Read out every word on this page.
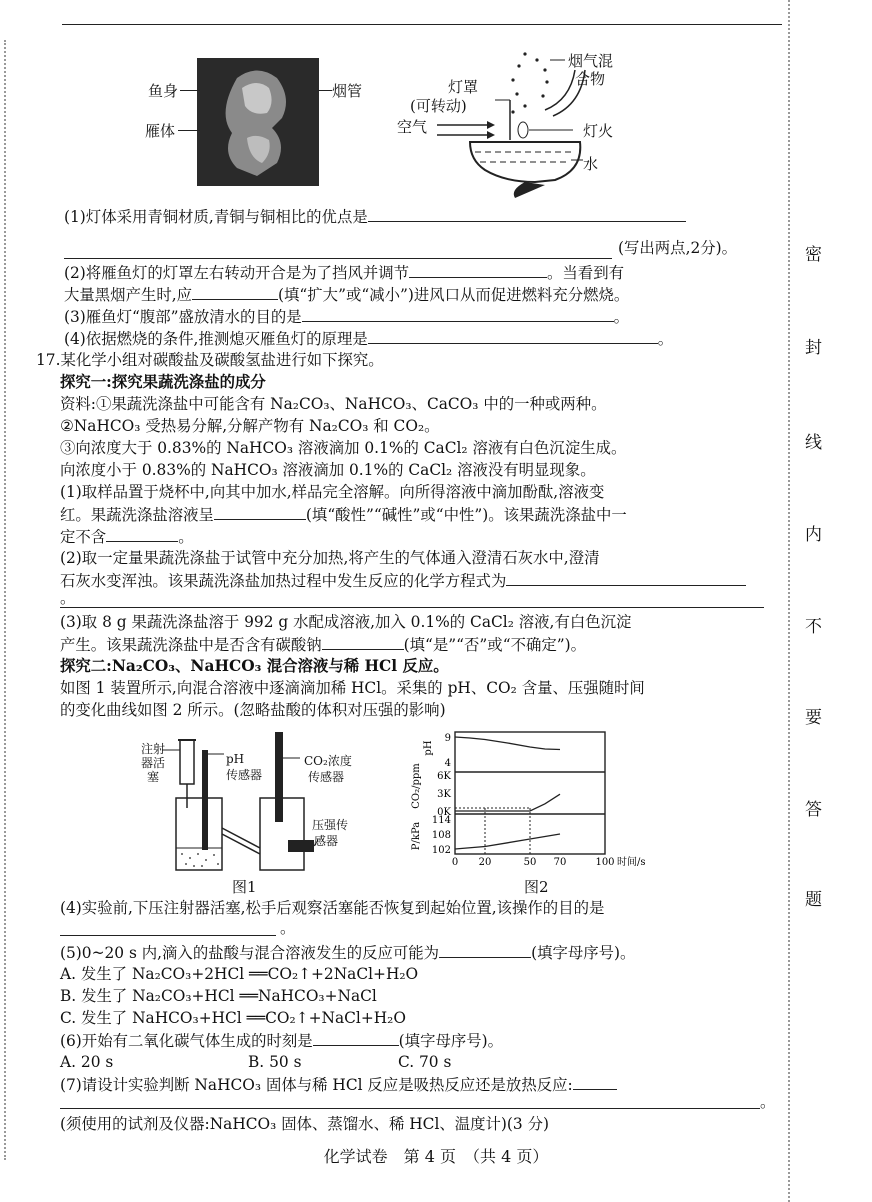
密
封
线
内
不
要
答
题
鱼身
雁体
烟管
烟气混
合物
灯罩
(可转动)
空气	灯火
水
(1)灯体采用青铜材质,青铜与铜相比的优点是
(写出两点,2分)。
(2)将雁鱼灯的灯罩左右转动开合是为了挡风并调节	。当看到有
大量黑烟产生时,应	(填“扩大”或“减小”)进风口从而促进燃料充分燃烧。
(3)雁鱼灯“腹部”盛放清水的目的是	。
(4)依据燃烧的条件,推测熄灭雁鱼灯的原理是	。
17.某化学小组对碳酸盐及碳酸氢盐进行如下探究。
探究一:探究果蔬洗涤盐的成分
资料:①果蔬洗涤盐中可能含有 Na₂CO₃、NaHCO₃、CaCO₃ 中的一种或两种。
②NaHCO₃ 受热易分解,分解产物有 Na₂CO₃ 和 CO₂。
③向浓度大于 0.83%的 NaHCO₃ 溶液滴加 0.1%的 CaCl₂ 溶液有白色沉淀生成。
向浓度小于 0.83%的 NaHCO₃ 溶液滴加 0.1%的 CaCl₂ 溶液没有明显现象。
(1)取样品置于烧杯中,向其中加水,样品完全溶解。向所得溶液中滴加酚酞,溶液变
红。果蔬洗涤盐溶液呈	(填“酸性”“碱性”或“中性”)。该果蔬洗涤盐中一
定不含	。
(2)取一定量果蔬洗涤盐于试管中充分加热,将产生的气体通入澄清石灰水中,澄清
石灰水变浑浊。该果蔬洗涤盐加热过程中发生反应的化学方程式为
。
(3)取 8 g 果蔬洗涤盐溶于 992 g 水配成溶液,加入 0.1%的 CaCl₂ 溶液,有白色沉淀
产生。该果蔬洗涤盐中是否含有碳酸钠	(填“是”“否”或“不确定”)。
探究二:Na₂CO₃、NaHCO₃ 混合溶液与稀 HCl 反应。
如图 1 装置所示,向混合溶液中逐滴滴加稀 HCl。采集的 pH、CO₂ 含量、压强随时间
的变化曲线如图 2 所示。(忽略盐酸的体积对压强的影响)
注射
器活
塞
pH
传感器
CO₂浓度
传感器
压强传
感器
图1
0 20	50 70	100 时间/s
9
4
6K
3K
0K
114
108
102
pH
CO₂/ppm
P/kPa
图2
(4)实验前,下压注射器活塞,松手后观察活塞能否恢复到起始位置,该操作的目的是
。
(5)0~20 s 内,滴入的盐酸与混合溶液发生的反应可能为	(填字母序号)。
A. 发生了 Na₂CO₃+2HCl ══CO₂↑+2NaCl+H₂O
B. 发生了 Na₂CO₃+HCl ══NaHCO₃+NaCl
C. 发生了 NaHCO₃+HCl ══CO₂↑+NaCl+H₂O
(6)开始有二氧化碳气体生成的时刻是	(填字母序号)。
A. 20 s	B. 50 s	C. 70 s
(7)请设计实验判断 NaHCO₃ 固体与稀 HCl 反应是吸热反应还是放热反应:
。
(须使用的试剂及仪器:NaHCO₃ 固体、蒸馏水、稀 HCl、温度计)(3 分)
化学试卷　第 4 页　（共 4 页）
